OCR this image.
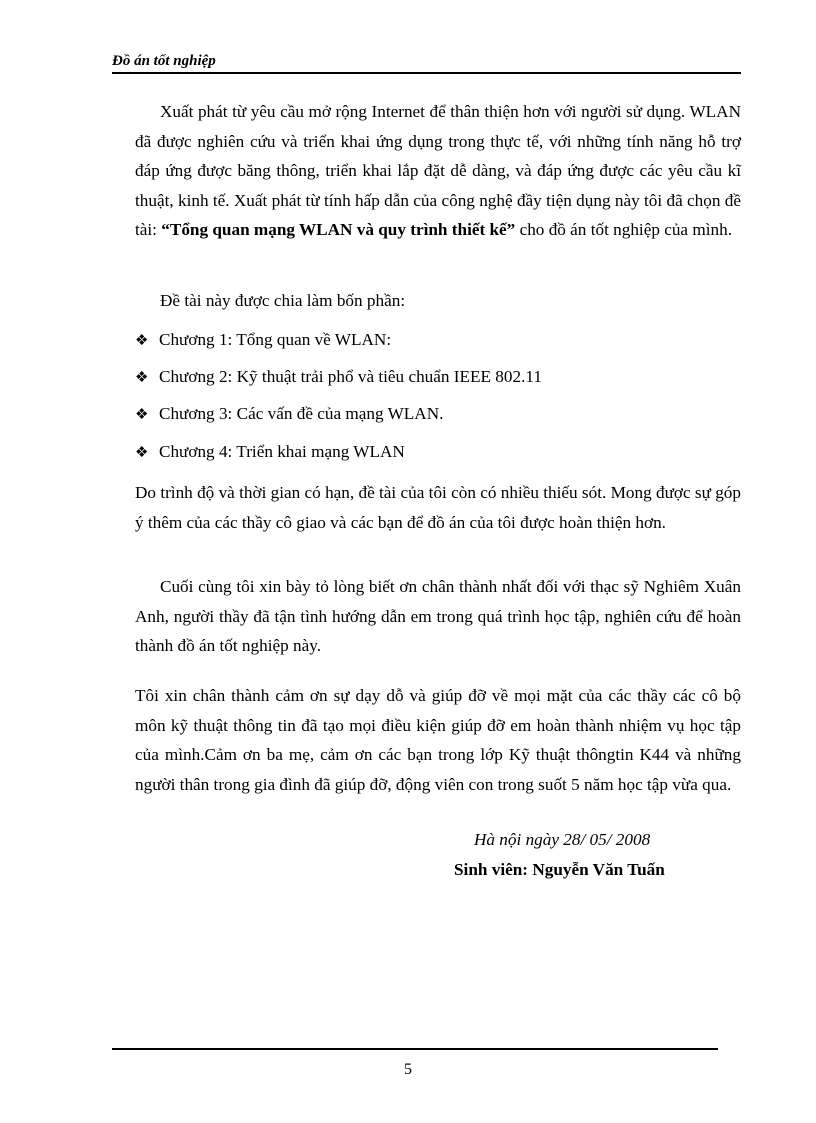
Đồ án tốt nghiệp

Xuất phát từ yêu cầu mở rộng Internet để thân thiện hơn với người sử dụng. WLAN đã được nghiên cứu và triển khai ứng dụng trong thực tế, với những tính năng hỗ trợ đáp ứng được băng thông, triển khai lắp đặt dễ dàng, và đáp ứng được các yêu cầu kĩ thuật, kinh tế. Xuất phát từ tính hấp dẫn của công nghệ đầy tiện dụng này tôi đã chọn đề tài: “Tổng quan mạng WLAN và quy trình thiết kế” cho đồ án tốt nghiệp của mình.

Đề tài này được chia làm bốn phần:

❖ Chương 1: Tổng quan về WLAN:
❖ Chương 2: Kỹ thuật trải phổ và tiêu chuẩn IEEE 802.11
❖ Chương 3: Các vấn đề của mạng WLAN.
❖ Chương 4: Triển khai mạng WLAN

Do trình độ và thời gian có hạn, đề tài của tôi còn có nhiều thiếu sót. Mong được sự góp ý thêm của các thầy cô giao và các bạn để đồ án của tôi được hoàn thiện hơn.

Cuối cùng tôi xin bày tỏ lòng biết ơn chân thành nhất đối với thạc sỹ Nghiêm Xuân Anh, người thầy đã tận tình hướng dẫn em trong quá trình học tập, nghiên cứu để hoàn thành đồ án tốt nghiệp này.

Tôi xin chân thành cảm ơn sự dạy dỗ và giúp đỡ về mọi mặt của các thầy các cô bộ môn kỹ thuật thông tin đã tạo mọi điều kiện giúp đỡ em hoàn thành nhiệm vụ học tập của mình.Cảm ơn ba mẹ, cảm ơn các bạn trong lớp Kỹ thuật thôngtin K44 và những người thân trong gia đình đã giúp đỡ, động viên con trong suốt 5 năm học tập vừa qua.

Hà nội ngày 28/ 05/ 2008
Sinh viên: Nguyễn Văn Tuấn
5
